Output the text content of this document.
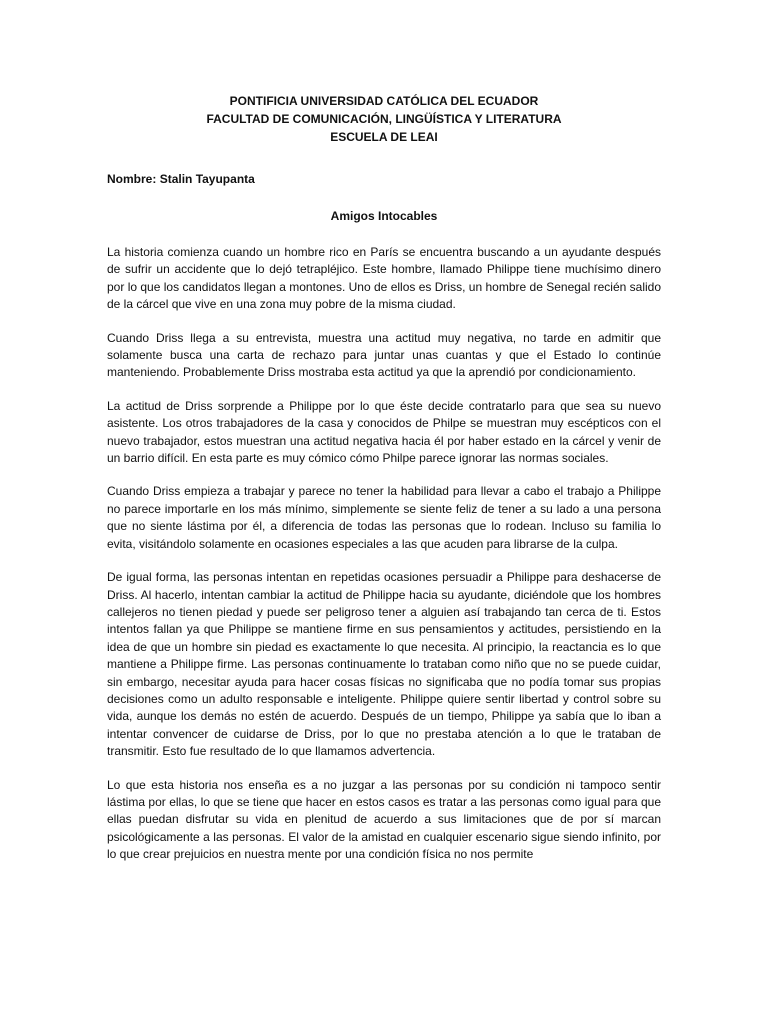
PONTIFICIA UNIVERSIDAD CATÓLICA DEL ECUADOR
FACULTAD DE COMUNICACIÓN, LINGÜÍSTICA Y LITERATURA
ESCUELA DE LEAI
Nombre: Stalin Tayupanta
Amigos Intocables

La historia comienza cuando un hombre rico en París se encuentra buscando a un ayudante después de sufrir un accidente que lo dejó tetrapléjico. Este hombre, llamado Philippe tiene muchísimo dinero por lo que los candidatos llegan a montones. Uno de ellos es Driss, un hombre de Senegal recién salido de la cárcel que vive en una zona muy pobre de la misma ciudad.

Cuando Driss llega a su entrevista, muestra una actitud muy negativa, no tarde en admitir que solamente busca una carta de rechazo para juntar unas cuantas y que el Estado lo continúe manteniendo. Probablemente Driss mostraba esta actitud ya que la aprendió por condicionamiento.

La actitud de Driss sorprende a Philippe por lo que éste decide contratarlo para que sea su nuevo asistente. Los otros trabajadores de la casa y conocidos de Philpe se muestran muy escépticos con el nuevo trabajador, estos muestran una actitud negativa hacia él por haber estado en la cárcel y venir de un barrio difícil. En esta parte es muy cómico cómo Philpe parece ignorar las normas sociales.

Cuando Driss empieza a trabajar y parece no tener la habilidad para llevar a cabo el trabajo a Philippe no parece importarle en los más mínimo, simplemente se siente feliz de tener a su lado a una persona que no siente lástima por él, a diferencia de todas las personas que lo rodean. Incluso su familia lo evita, visitándolo solamente en ocasiones especiales a las que acuden para librarse de la culpa.

De igual forma, las personas intentan en repetidas ocasiones persuadir a Philippe para deshacerse de Driss. Al hacerlo, intentan cambiar la actitud de Philippe hacia su ayudante, diciéndole que los hombres callejeros no tienen piedad y puede ser peligroso tener a alguien así trabajando tan cerca de ti. Estos intentos fallan ya que Philippe se mantiene firme en sus pensamientos y actitudes, persistiendo en la idea de que un hombre sin piedad es exactamente lo que necesita. Al principio, la reactancia es lo que mantiene a Philippe firme. Las personas continuamente lo trataban como niño que no se puede cuidar, sin embargo, necesitar ayuda para hacer cosas físicas no significaba que no podía tomar sus propias decisiones como un adulto responsable e inteligente. Philippe quiere sentir libertad y control sobre su vida, aunque los demás no estén de acuerdo. Después de un tiempo, Philippe ya sabía que lo iban a intentar convencer de cuidarse de Driss, por lo que no prestaba atención a lo que le trataban de transmitir. Esto fue resultado de lo que llamamos advertencia.

Lo que esta historia nos enseña es a no juzgar a las personas por su condición ni tampoco sentir lástima por ellas, lo que se tiene que hacer en estos casos es tratar a las personas como igual para que ellas puedan disfrutar su vida en plenitud de acuerdo a sus limitaciones que de por sí marcan psicológicamente a las personas. El valor de la amistad en cualquier escenario sigue siendo infinito, por lo que crear prejuicios en nuestra mente por una condición física no nos permite
